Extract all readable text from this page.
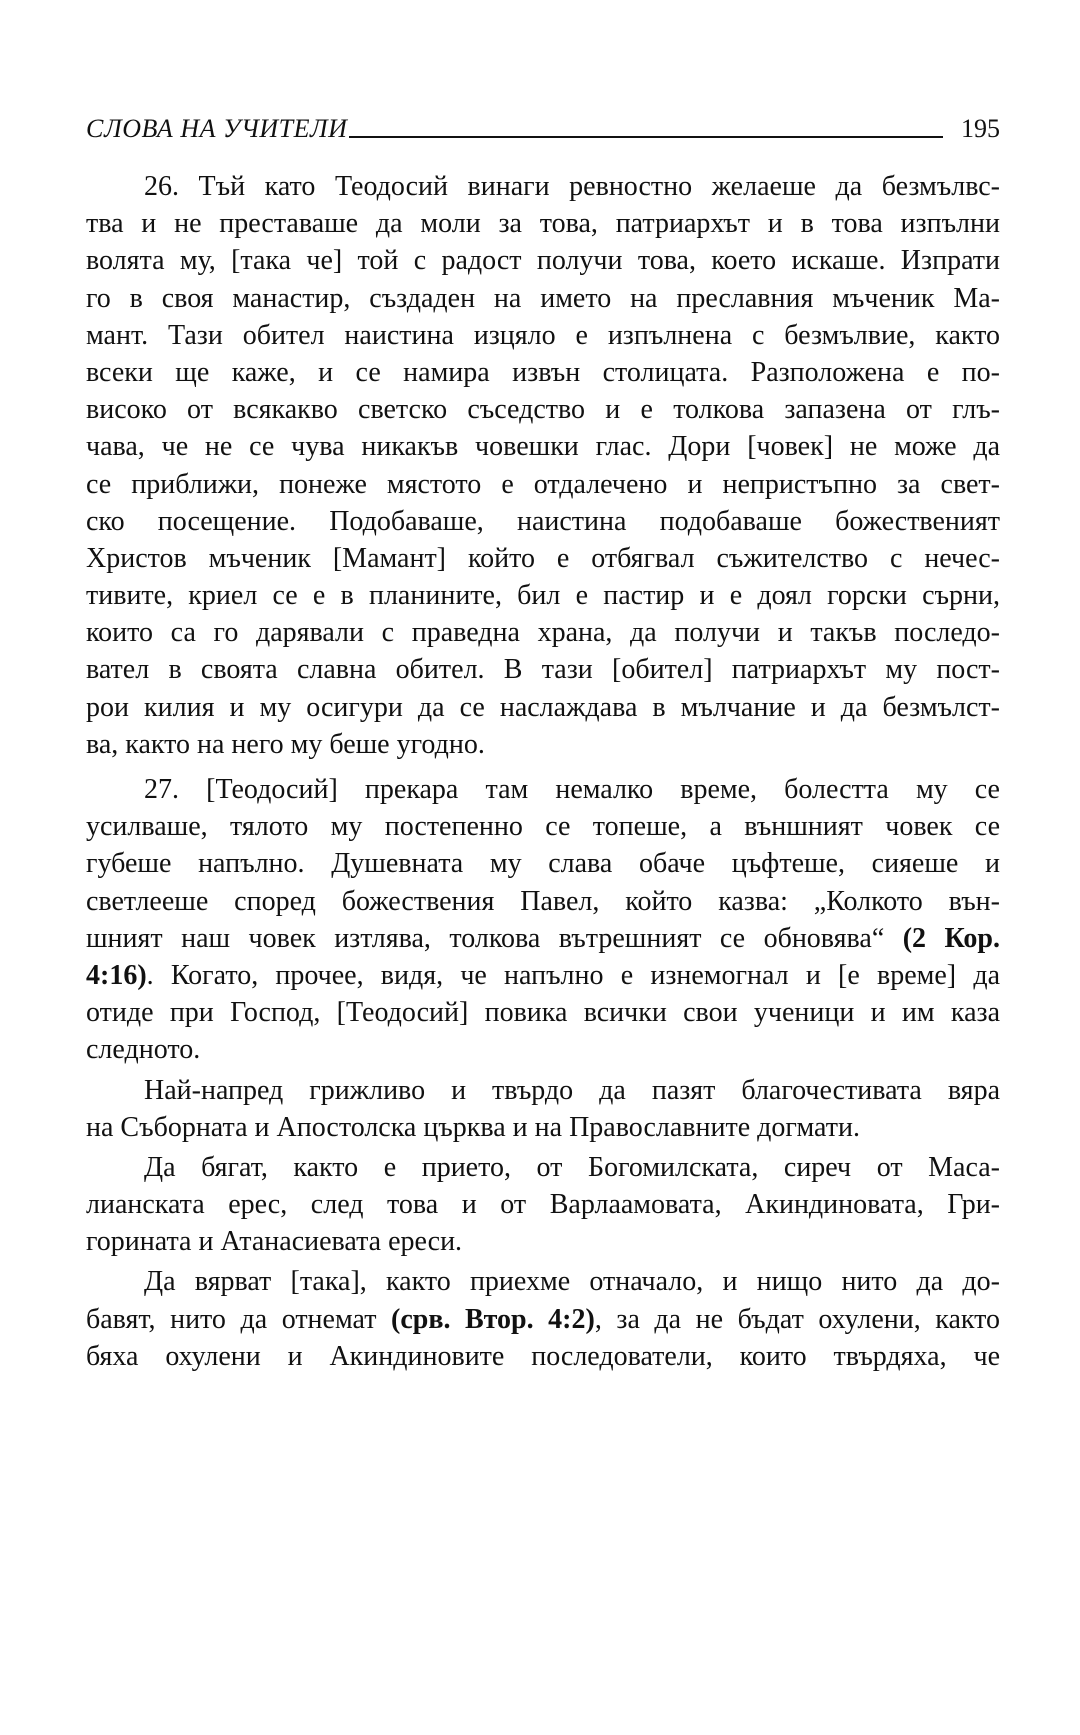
СЛОВА НА УЧИТЕЛИ	195
26. Тъй като Теодосий винаги ревностно желаеше да безмълвс-
тва и не преставаше да моли за това, патриархът и в това изпълни
волята му, [така че] той с радост получи това, което искаше. Изпрати
го в своя манастир, създаден на името на преславния мъченик Ма-
мант. Тази обител наистина изцяло е изпълнена с безмълвие, както
всеки ще каже, и се намира извън столицата. Разположена е по-
високо от всякакво светско съседство и е толкова запазена от глъ-
чава, че не се чува никакъв човешки глас. Дори [човек] не може да
се приближи, понеже мястото е отдалечено и непристъпно за свет-
ско посещение. Подобаваше, наистина подобаваше божественият
Христов мъченик [Мамант] който е отбягвал съжителство с нечес-
тивите, криел се е в планините, бил е пастир и е доял горски сърни,
които са го дарявали с праведна храна, да получи и такъв последо-
вател в своята славна обител. В тази [обител] патриархът му пост-
рои килия и му осигури да се наслаждава в мълчание и да безмълст-
ва, както на него му беше угодно.
27. [Теодосий] прекара там немалко време, болестта му се
усилваше, тялото му постепенно се топеше, а външният човек се
губеше напълно. Душевната му слава обаче цъфтеше, сияеше и
светлееше според божествения Павел, който казва: „Колкото вън-
шният наш човек изтлява, толкова вътрешният се обновява“ (2 Кор.
4:16). Когато, прочее, видя, че напълно е изнемогнал и [е време] да
отиде при Господ, [Теодосий] повика всички свои ученици и им каза
следното.
Най-напред грижливо и твърдо да пазят благочестивата вяра
на Съборната и Апостолска църква и на Православните догмати.
Да бягат, както е прието, от Богомилската, сиреч от Маса-
лианската ерес, след това и от Варлаамовата, Акиндиновата, Гри-
горината и Атанасиевата ереси.
Да вярват [така], както приехме отначало, и нищо нито да до-
бавят, нито да отнемат (срв. Втор. 4:2), за да не бъдат охулени, както
бяха охулени и Акиндиновите последователи, които твърдяха, че
